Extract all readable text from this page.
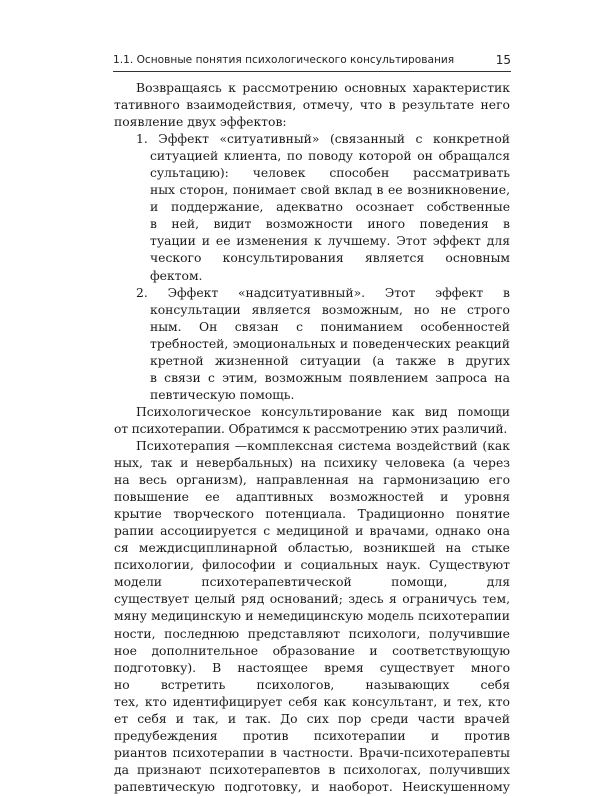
1.1. Основные понятия психологического консультирования	15
Возвращаясь к рассмотрению основных характеристик
тативного взаимодействия, отмечу, что в результате него
появление двух эффектов:
1. Эффект «ситуативный» (связанный с конкретной
ситуацией клиента, по поводу которой он обращался
сультацию): человек способен рассматривать
ных сторон, понимает свой вклад в ее возникновение,
и поддержание, адекватно осознает собственные
в ней, видит возможности иного поведения в
туации и ее изменения к лучшему. Этот эффект для
ческого консультирования является основным
фектом.
2. Эффект «надситуативный». Этот эффект в
консультации является возможным, но не строго
ным. Он связан с пониманием особенностей
требностей, эмоциональных и поведенческих реакций
кретной жизненной ситуации (а также в других
в связи с этим, возможным появлением запроса на
певтическую помощь.
Психологическое консультирование как вид помощи
от психотерапии. Обратимся к рассмотрению этих различий.
Психотерапия —комплексная система воздействий (как
ных, так и невербальных) на психику человека (а через
на весь организм), направленная на гармонизацию его
повышение ее адаптивных возможностей и уровня
крытие творческого потенциала. Традиционно понятие
рапии ассоциируется с медициной и врачами, однако она
ся междисциплинарной областью, возникшей на стыке
психологии, философии и социальных наук. Существуют
модели психотерапевтической помощи, для
существует целый ряд оснований; здесь я ограничусь тем,
мяну медицинскую и немедицинскую модель психотерапии
ности, последнюю представляют психологи, получившие
ное дополнительное образование и соответствующую
подготовку). В настоящее время существует много
но встретить психологов, называющих себя
тех, кто идентифицирует себя как консультант, и тех, кто
ет себя и так, и так. До сих пор среди части врачей
предубеждения против психотерапии и против
риантов психотерапии в частности. Врачи-психотерапевты
да признают психотерапевтов в психологах, получивших
рапевтическую подготовку, и наоборот. Неискушенному
